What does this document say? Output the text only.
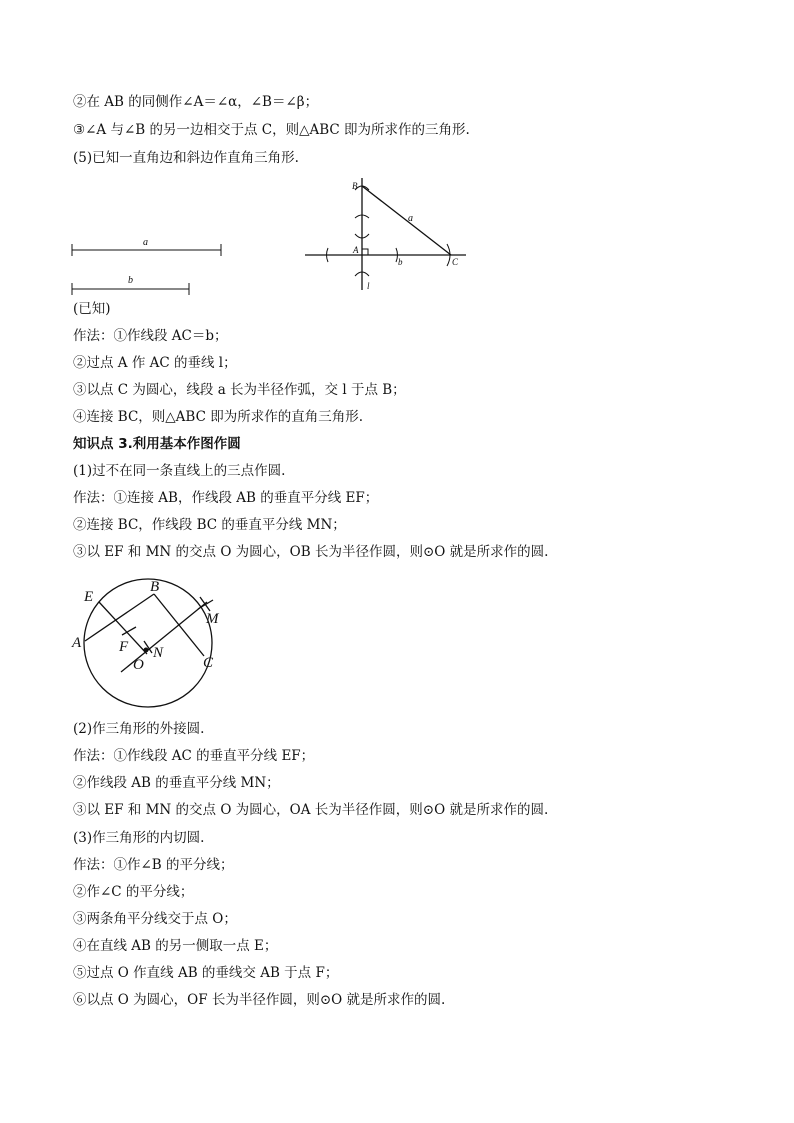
②在 AB 的同侧作∠A＝∠α，∠B＝∠β；
③∠A 与∠B 的另一边相交于点 C，则△ABC 即为所求作的三角形.
(5)已知一直角边和斜边作直角三角形.
a
b
B
a
A
b	C
l
(已知)
作法：①作线段 AC＝b；
②过点 A 作 AC 的垂线 l；
③以点 C 为圆心，线段 a 长为半径作弧，交 l 于点 B；
④连接 BC，则△ABC 即为所求作的直角三角形.
知识点 3.利用基本作图作圆
(1)过不在同一条直线上的三点作圆.
作法：①连接 AB，作线段 AB 的垂直平分线 EF；
②连接 BC，作线段 BC 的垂直平分线 MN；
③以 EF 和 MN 的交点 O 为圆心，OB 长为半径作圆，则⊙O 就是所求作的圆.
E
B
M
A	F N
O	C
(2)作三角形的外接圆.
作法：①作线段 AC 的垂直平分线 EF；
②作线段 AB 的垂直平分线 MN；
③以 EF 和 MN 的交点 O 为圆心，OA 长为半径作圆，则⊙O 就是所求作的圆.
(3)作三角形的内切圆.
作法：①作∠B 的平分线；
②作∠C 的平分线；
③两条角平分线交于点 O；
④在直线 AB 的另一侧取一点 E；
⑤过点 O 作直线 AB 的垂线交 AB 于点 F；
⑥以点 O 为圆心，OF 长为半径作圆，则⊙O 就是所求作的圆.
